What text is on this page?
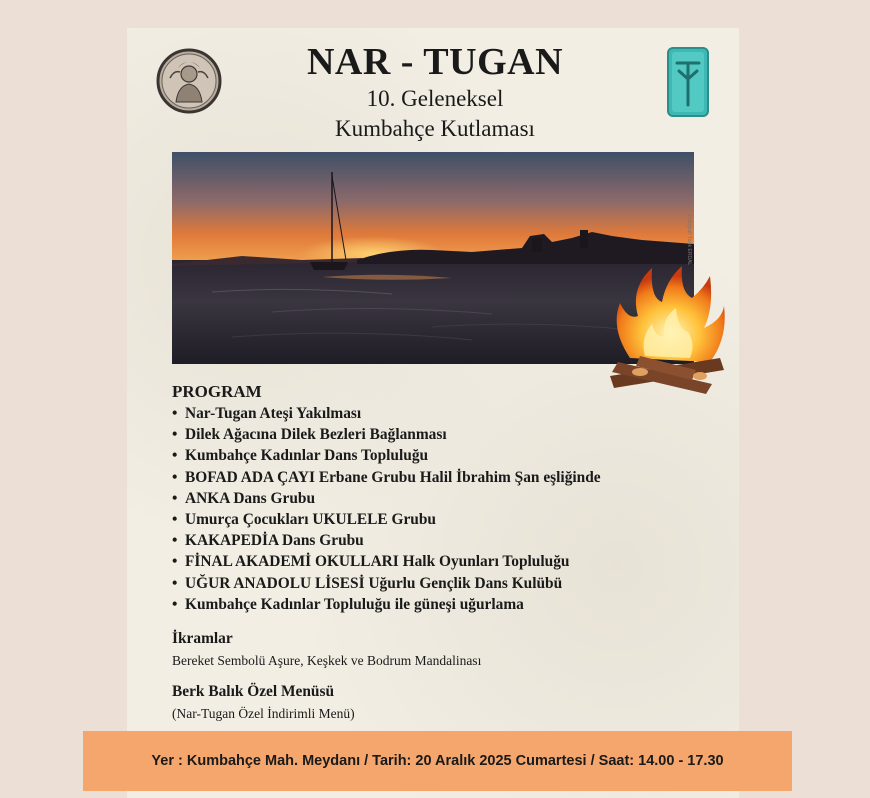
NAR - TUGAN
10. Geleneksel
Kumbahçe Kutlaması
Fotoğraf: Tarık ERDAL
PROGRAM
• Nar-Tugan Ateşi Yakılması
• Dilek Ağacına Dilek Bezleri Bağlanması
• Kumbahçe Kadınlar Dans Topluluğu
• BOFAD ADA ÇAYI Erbane Grubu Halil İbrahim Şan eşliğinde
• ANKA Dans Grubu
• Umurça Çocukları UKULELE Grubu
• KAKAPEDİA Dans Grubu
• FİNAL AKADEMİ OKULLARI Halk Oyunları Topluluğu
• UĞUR ANADOLU LİSESİ Uğurlu Gençlik Dans Kulübü
• Kumbahçe Kadınlar Topluluğu ile güneşi uğurlama
İkramlar
Bereket Sembolü Aşure, Keşkek ve Bodrum Mandalinası
Berk Balık Özel Menüsü
(Nar-Tugan Özel İndirimli Menü)
Yer : Kumbahçe Mah. Meydanı / Tarih: 20 Aralık 2025 Cumartesi / Saat: 14.00 - 17.30
